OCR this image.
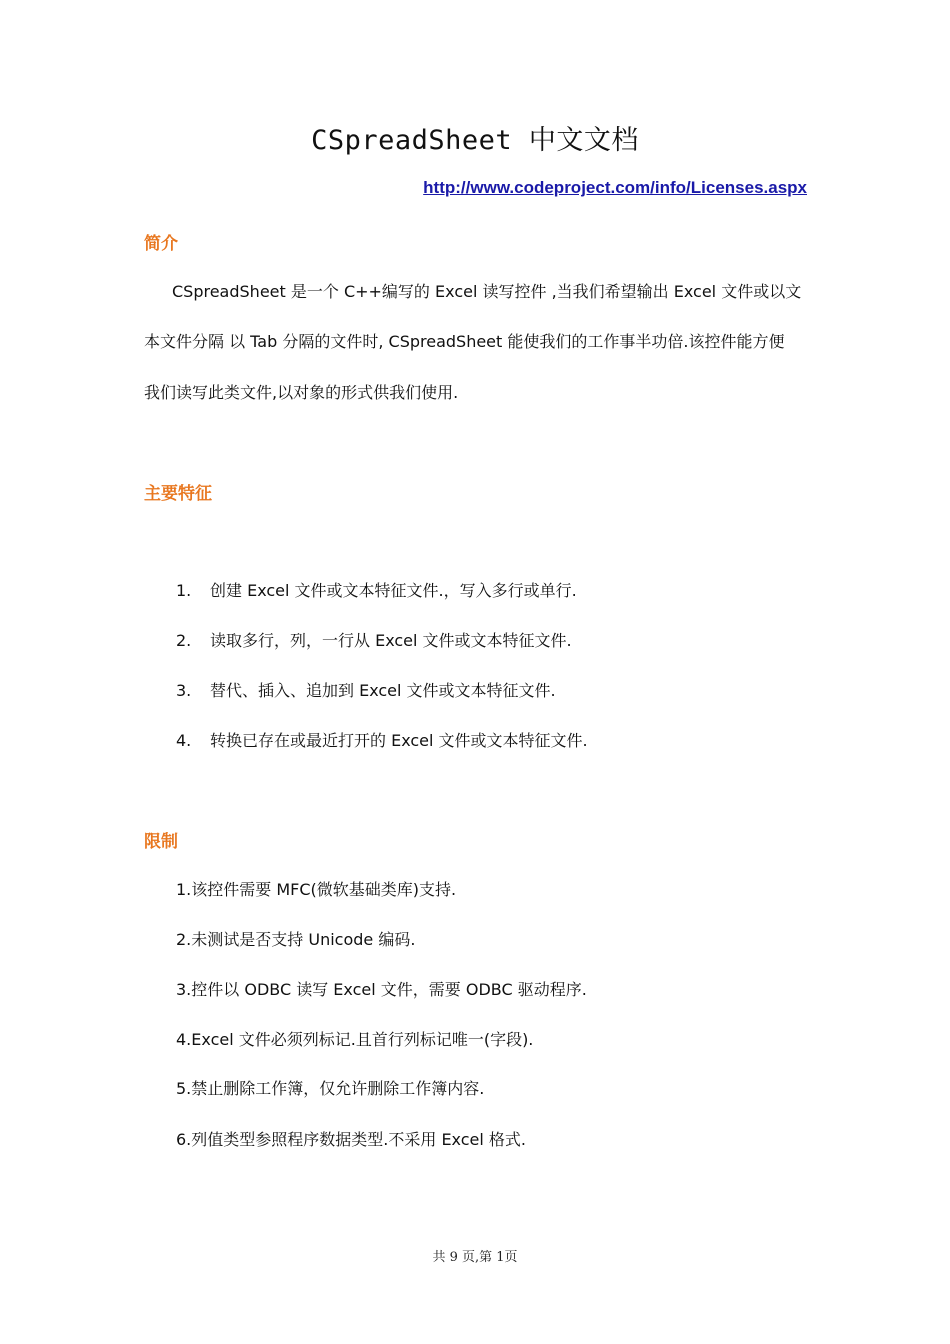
CSpreadSheet 中文文档
http://www.codeproject.com/info/Licenses.aspx
简介
CSpreadSheet 是一个 C++编写的 Excel 读写控件 ,当我们希望输出 Excel 文件或以文
本文件分隔 以 Tab 分隔的文件时, CSpreadSheet 能使我们的工作事半功倍.该控件能方便
我们读写此类文件,以对象的形式供我们使用.
主要特征
1. 创建 Excel 文件或文本特征文件.，写入多行或单行.
2. 读取多行，列，一行从 Excel 文件或文本特征文件.
3. 替代、插入、追加到 Excel 文件或文本特征文件.
4. 转换已存在或最近打开的 Excel 文件或文本特征文件.
限制
1.该控件需要 MFC(微软基础类库)支持.
2.未测试是否支持 Unicode 编码.
3.控件以 ODBC 读写 Excel 文件，需要 ODBC 驱动程序.
4.Excel 文件必须列标记.且首行列标记唯一(字段).
5.禁止删除工作簿，仅允许删除工作簿内容.
6.列值类型参照程序数据类型.不采用 Excel 格式.
共 9 页,第 1页
